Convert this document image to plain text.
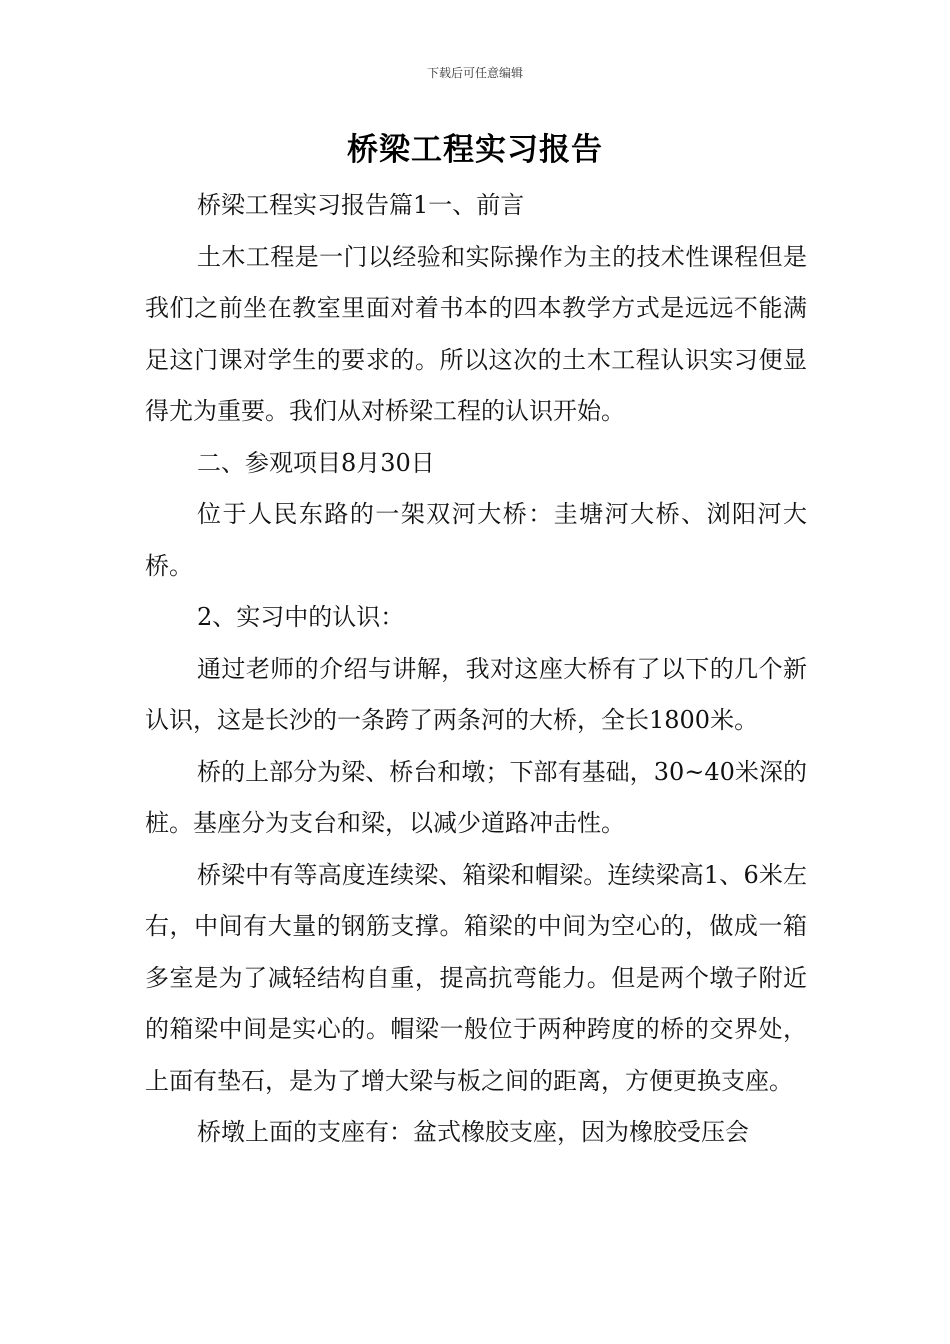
下载后可任意编辑
桥梁工程实习报告

桥梁工程实习报告篇1一、前言

土木工程是一门以经验和实际操作为主的技术性课程但是我们之前坐在教室里面对着书本的四本教学方式是远远不能满足这门课对学生的要求的。所以这次的土木工程认识实习便显得尤为重要。我们从对桥梁工程的认识开始。

二、参观项目8月30日

位于人民东路的一架双河大桥：圭塘河大桥、浏阳河大桥。

2、实习中的认识：

通过老师的介绍与讲解，我对这座大桥有了以下的几个新认识，这是长沙的一条跨了两条河的大桥，全长1800米。

桥的上部分为梁、桥台和墩；下部有基础，30~40米深的桩。基座分为支台和梁，以减少道路冲击性。

桥梁中有等高度连续梁、箱梁和帽梁。连续梁高1、6米左右，中间有大量的钢筋支撑。箱梁的中间为空心的，做成一箱多室是为了减轻结构自重，提高抗弯能力。但是两个墩子附近的箱梁中间是实心的。帽梁一般位于两种跨度的桥的交界处，上面有垫石，是为了增大梁与板之间的距离，方便更换支座。

桥墩上面的支座有：盆式橡胶支座，因为橡胶受压会
